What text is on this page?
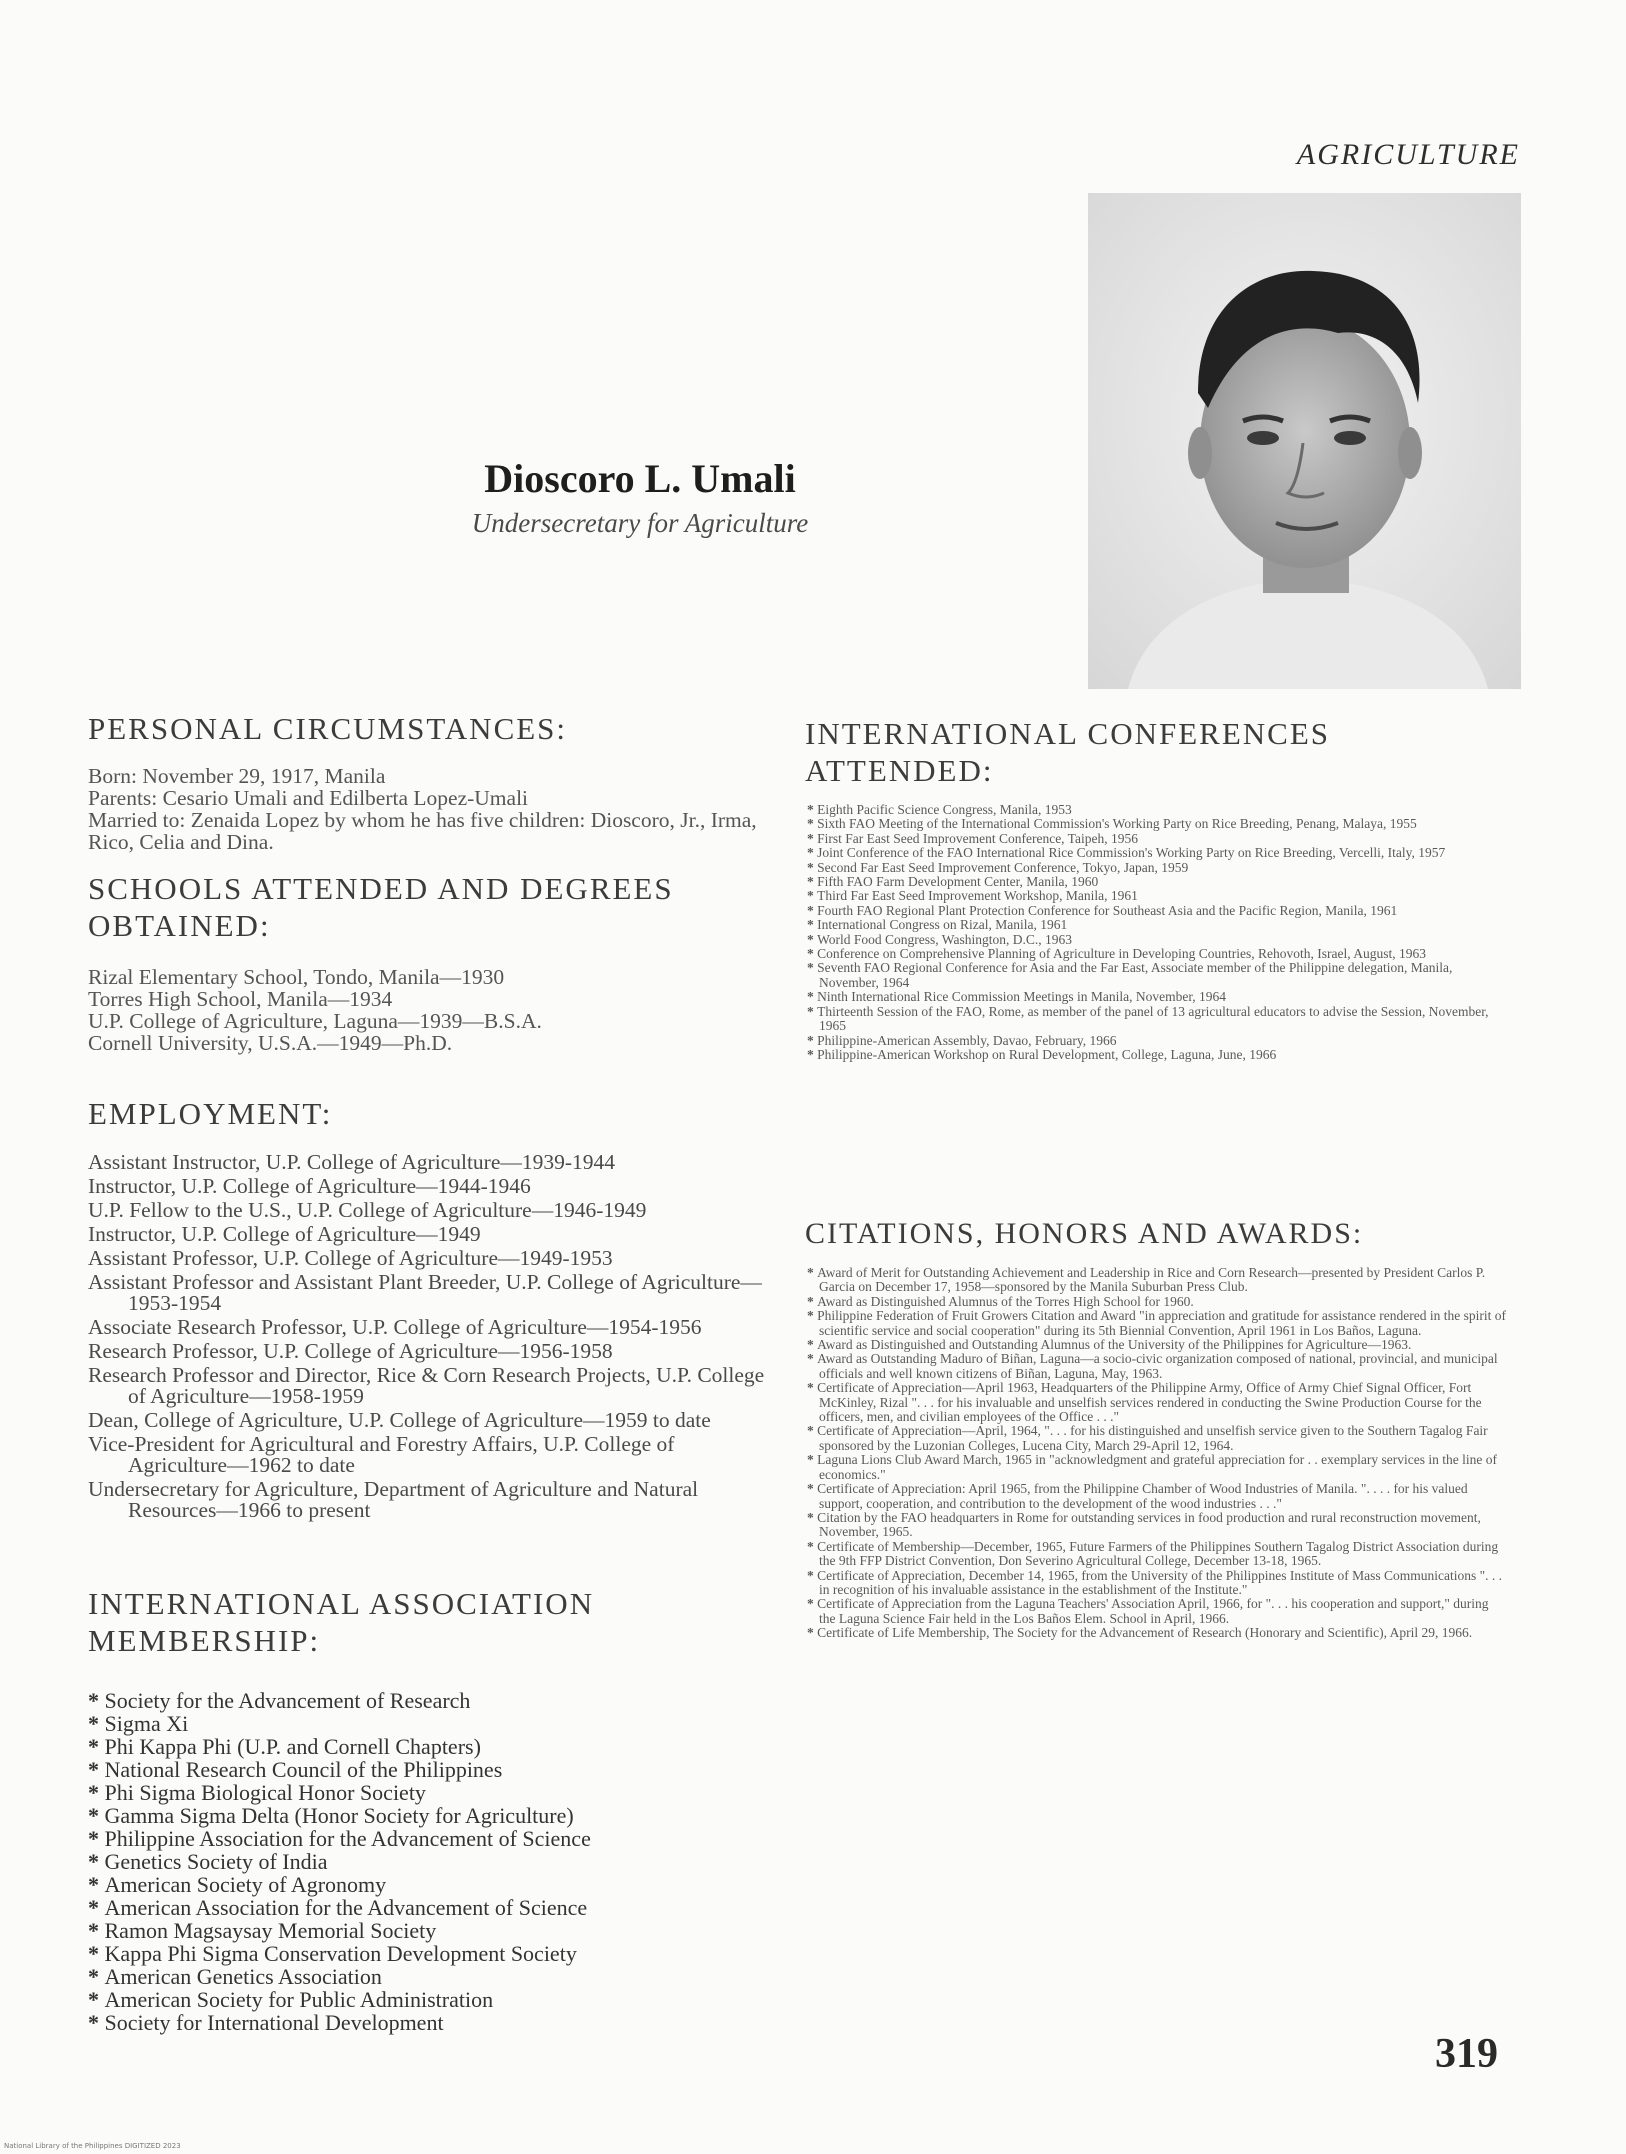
AGRICULTURE
Dioscoro L. Umali
Undersecretary for Agriculture
PERSONAL CIRCUMSTANCES:

Born: November 29, 1917, Manila

Parents: Cesario Umali and Edilberta Lopez-Umali

Married to: Zenaida Lopez by whom he has five children: Dioscoro, Jr., Irma, Rico, Celia and Dina.

SCHOOLS ATTENDED AND DEGREES OBTAINED:

Rizal Elementary School, Tondo, Manila—1930

Torres High School, Manila—1934

U.P. College of Agriculture, Laguna—1939—B.S.A.

Cornell University, U.S.A.—1949—Ph.D.

EMPLOYMENT:

Assistant Instructor, U.P. College of Agriculture—1939-1944

Instructor, U.P. College of Agriculture—1944-1946

U.P. Fellow to the U.S., U.P. College of Agriculture—1946-1949

Instructor, U.P. College of Agriculture—1949

Assistant Professor, U.P. College of Agriculture—1949-1953

Assistant Professor and Assistant Plant Breeder, U.P. College of Agriculture—1953-1954

Associate Research Professor, U.P. College of Agriculture—1954-1956

Research Professor, U.P. College of Agriculture—1956-1958

Research Professor and Director, Rice & Corn Research Projects, U.P. College of Agriculture—1958-1959

Dean, College of Agriculture, U.P. College of Agriculture—1959 to date

Vice-President for Agricultural and Forestry Affairs, U.P. College of Agriculture—1962 to date

Undersecretary for Agriculture, Department of Agriculture and Natural Resources—1966 to present

INTERNATIONAL ASSOCIATION MEMBERSHIP:

* Society for the Advancement of Research

* Sigma Xi

* Phi Kappa Phi (U.P. and Cornell Chapters)

* National Research Council of the Philippines

* Phi Sigma Biological Honor Society

* Gamma Sigma Delta (Honor Society for Agriculture)

* Philippine Association for the Advancement of Science

* Genetics Society of India

* American Society of Agronomy

* American Association for the Advancement of Science

* Ramon Magsaysay Memorial Society

* Kappa Phi Sigma Conservation Development Society

* American Genetics Association

* American Society for Public Administration

* Society for International Development

INTERNATIONAL CONFERENCES ATTENDED:

* Eighth Pacific Science Congress, Manila, 1953

* Sixth FAO Meeting of the International Commission's Working Party on Rice Breeding, Penang, Malaya, 1955

* First Far East Seed Improvement Conference, Taipeh, 1956

* Joint Conference of the FAO International Rice Commission's Working Party on Rice Breeding, Vercelli, Italy, 1957

* Second Far East Seed Improvement Conference, Tokyo, Japan, 1959

* Fifth FAO Farm Development Center, Manila, 1960

* Third Far East Seed Improvement Workshop, Manila, 1961

* Fourth FAO Regional Plant Protection Conference for Southeast Asia and the Pacific Region, Manila, 1961

* International Congress on Rizal, Manila, 1961

* World Food Congress, Washington, D.C., 1963

* Conference on Comprehensive Planning of Agriculture in Developing Countries, Rehovoth, Israel, August, 1963

* Seventh FAO Regional Conference for Asia and the Far East, Associate member of the Philippine delegation, Manila, November, 1964

* Ninth International Rice Commission Meetings in Manila, November, 1964

* Thirteenth Session of the FAO, Rome, as member of the panel of 13 agricultural educators to advise the Session, November, 1965

* Philippine-American Assembly, Davao, February, 1966

* Philippine-American Workshop on Rural Development, College, Laguna, June, 1966

CITATIONS, HONORS AND AWARDS:

* Award of Merit for Outstanding Achievement and Leadership in Rice and Corn Research—presented by President Carlos P. Garcia on December 17, 1958—sponsored by the Manila Suburban Press Club.

* Award as Distinguished Alumnus of the Torres High School for 1960.

* Philippine Federation of Fruit Growers Citation and Award "in appreciation and gratitude for assistance rendered in the spirit of scientific service and social cooperation" during its 5th Biennial Convention, April 1961 in Los Baños, Laguna.

* Award as Distinguished and Outstanding Alumnus of the University of the Philippines for Agriculture—1963.

* Award as Outstanding Maduro of Biñan, Laguna—a socio-civic organization composed of national, provincial, and municipal officials and well known citizens of Biñan, Laguna, May, 1963.

* Certificate of Appreciation—April 1963, Headquarters of the Philippine Army, Office of Army Chief Signal Officer, Fort McKinley, Rizal ". . . for his invaluable and unselfish services rendered in conducting the Swine Production Course for the officers, men, and civilian employees of the Office . . ."

* Certificate of Appreciation—April, 1964, ". . . for his distinguished and unselfish service given to the Southern Tagalog Fair sponsored by the Luzonian Colleges, Lucena City, March 29-April 12, 1964.

* Laguna Lions Club Award March, 1965 in "acknowledgment and grateful appreciation for . . exemplary services in the line of economics."

* Certificate of Appreciation: April 1965, from the Philippine Chamber of Wood Industries of Manila. ". . . . for his valued support, cooperation, and contribution to the development of the wood industries . . ."

* Citation by the FAO headquarters in Rome for outstanding services in food production and rural reconstruction movement, November, 1965.

* Certificate of Membership—December, 1965, Future Farmers of the Philippines Southern Tagalog District Association during the 9th FFP District Convention, Don Severino Agricultural College, December 13-18, 1965.

* Certificate of Appreciation, December 14, 1965, from the University of the Philippines Institute of Mass Communications ". . . in recognition of his invaluable assistance in the establishment of the Institute."

* Certificate of Appreciation from the Laguna Teachers' Association April, 1966, for ". . . his cooperation and support," during the Laguna Science Fair held in the Los Baños Elem. School in April, 1966.

* Certificate of Life Membership, The Society for the Advancement of Research (Honorary and Scientific), April 29, 1966.

319
National Library of the Philippines DIGITIZED 2023
